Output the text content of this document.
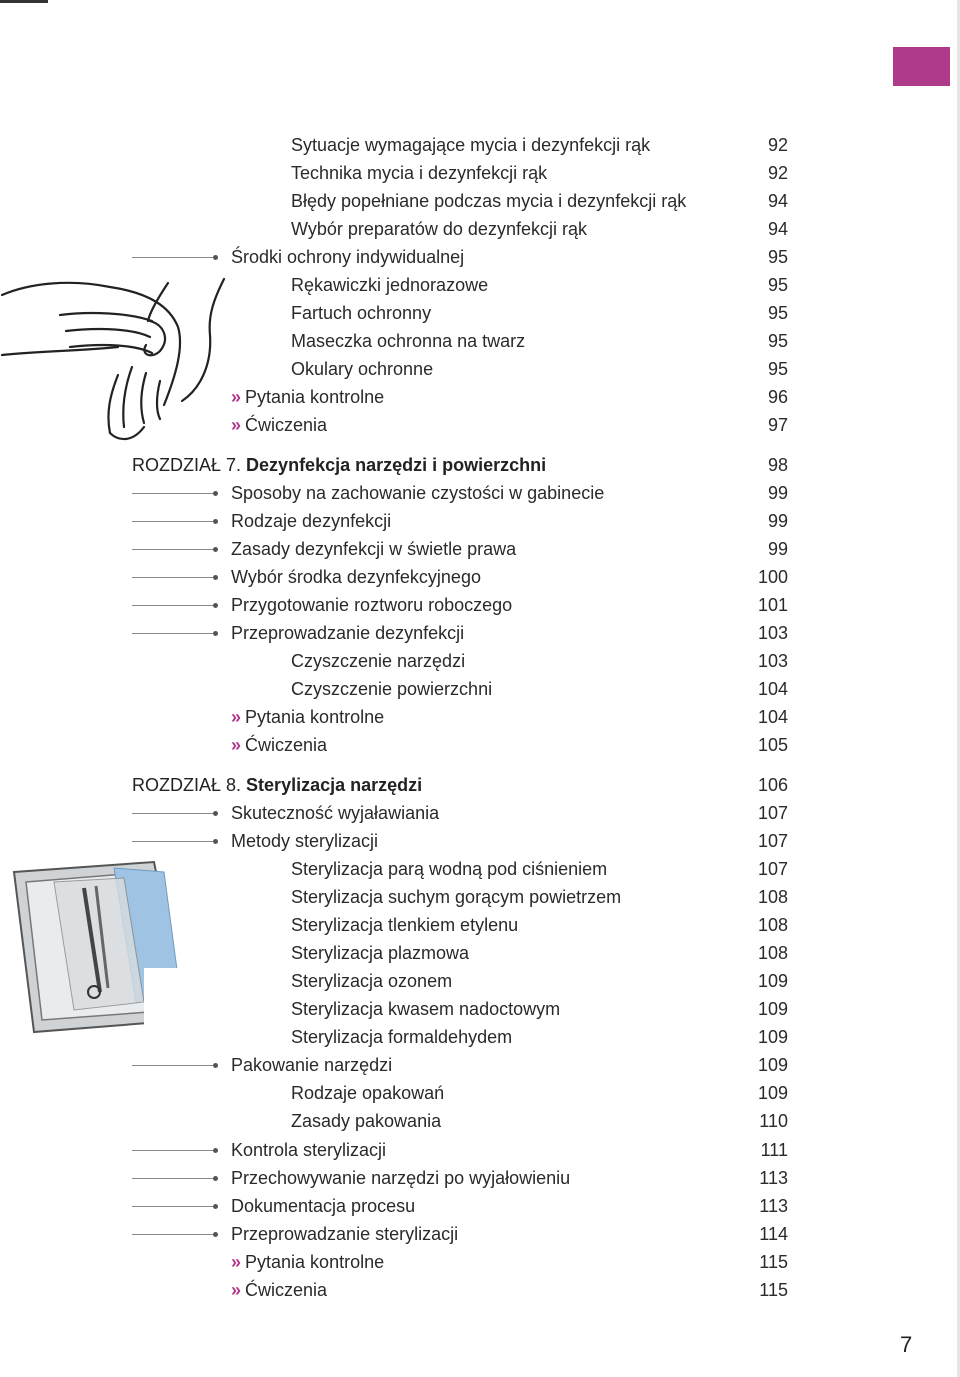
Sytuacje wymagające mycia i dezynfekcji rąk	92
Technika mycia i dezynfekcji rąk	92
Błędy popełniane podczas mycia i dezynfekcji rąk	94
Wybór preparatów do dezynfekcji rąk	94
Środki ochrony indywidualnej	95
Rękawiczki jednorazowe	95
Fartuch ochronny	95
Maseczka ochronna na twarz	95
Okulary ochronne	95
» Pytania kontrolne	96
» Ćwiczenia	97
ROZDZIAŁ 7. Dezynfekcja narzędzi i powierzchni	98
Sposoby na zachowanie czystości w gabinecie	99
Rodzaje dezynfekcji	99
Zasady dezynfekcji w świetle prawa	99
Wybór środka dezynfekcyjnego	100
Przygotowanie roztworu roboczego	101
Przeprowadzanie dezynfekcji	103
Czyszczenie narzędzi	103
Czyszczenie powierzchni	104
» Pytania kontrolne	104
» Ćwiczenia	105
ROZDZIAŁ 8. Sterylizacja narzędzi	106
Skuteczność wyjaławiania	107
Metody sterylizacji	107
Sterylizacja parą wodną pod ciśnieniem	107
Sterylizacja suchym gorącym powietrzem	108
Sterylizacja tlenkiem etylenu	108
Sterylizacja plazmowa	108
Sterylizacja ozonem	109
Sterylizacja kwasem nadoctowym	109
Sterylizacja formaldehydem	109
Pakowanie narzędzi	109
Rodzaje opakowań	109
Zasady pakowania	110
Kontrola sterylizacji	111
Przechowywanie narzędzi po wyjałowieniu	113
Dokumentacja procesu	113
Przeprowadzanie sterylizacji	114
» Pytania kontrolne	115
» Ćwiczenia	115
7
